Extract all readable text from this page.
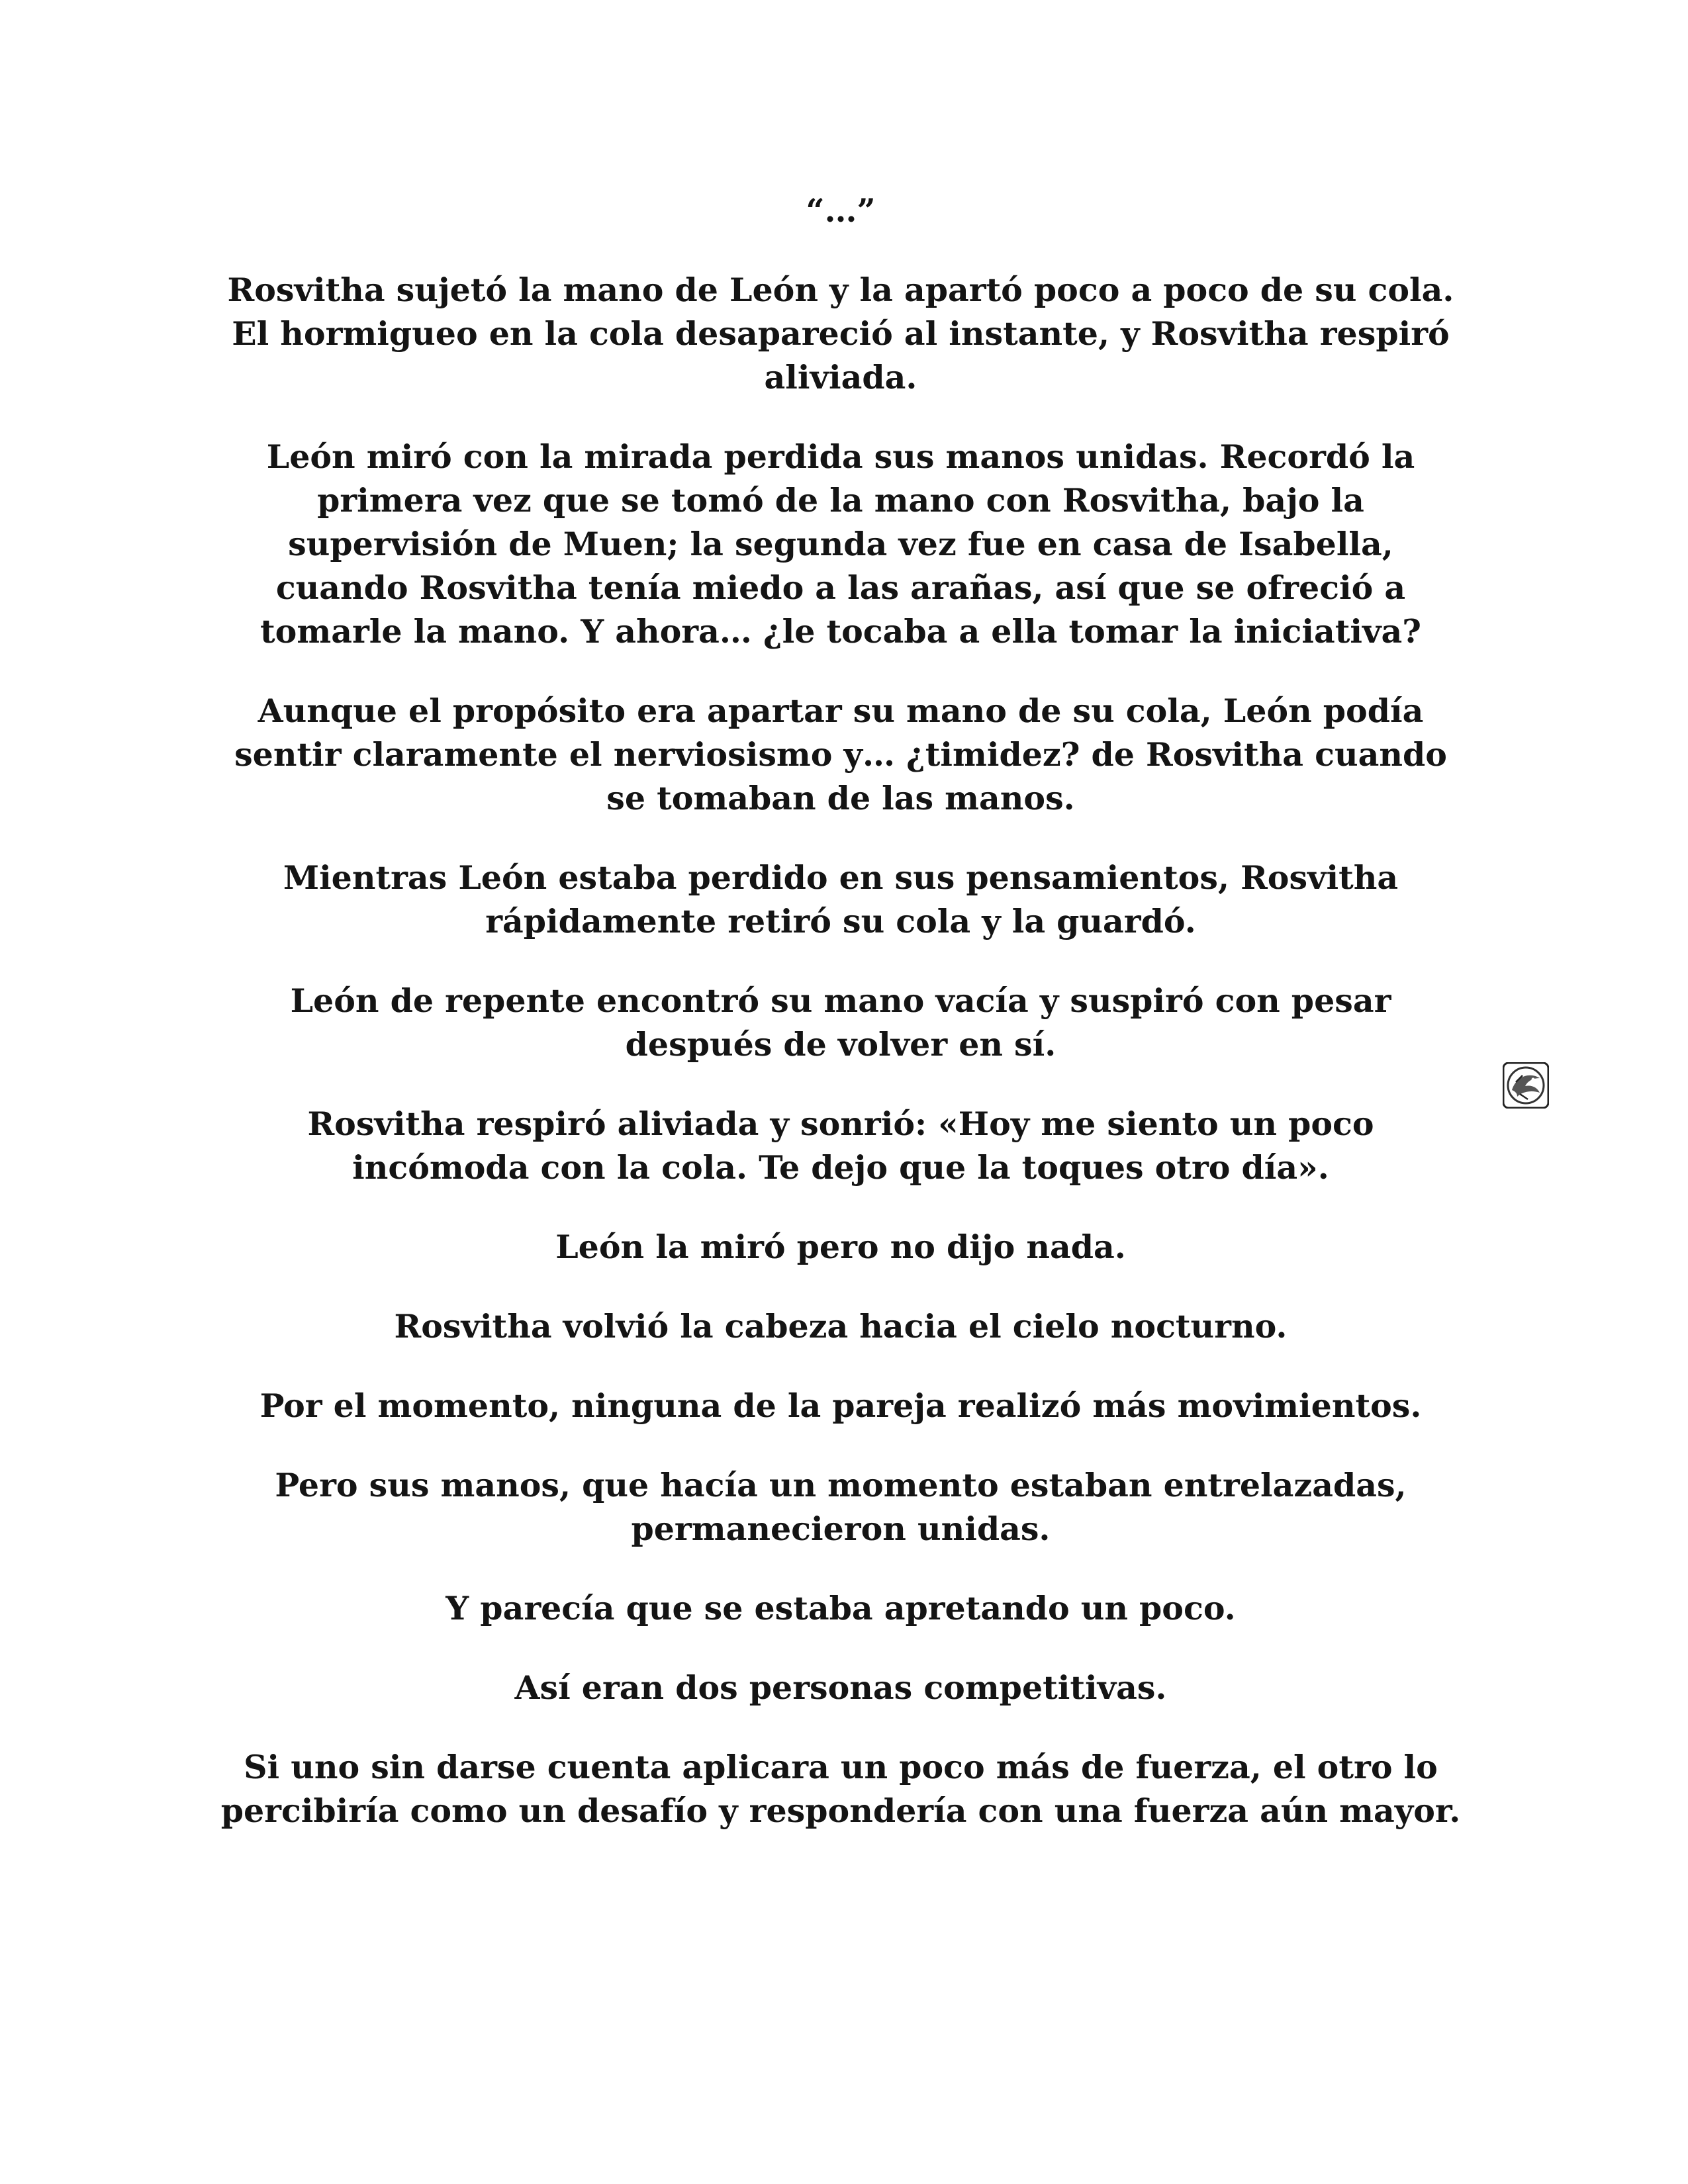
“…”

Rosvitha sujetó la mano de León y la apartó poco a poco de su cola. El hormigueo en la cola desapareció al instante, y Rosvitha respiró aliviada.

León miró con la mirada perdida sus manos unidas. Recordó la primera vez que se tomó de la mano con Rosvitha, bajo la supervisión de Muen; la segunda vez fue en casa de Isabella, cuando Rosvitha tenía miedo a las arañas, así que se ofreció a tomarle la mano. Y ahora… ¿le tocaba a ella tomar la iniciativa?

Aunque el propósito era apartar su mano de su cola, León podía sentir claramente el nerviosismo y… ¿timidez? de Rosvitha cuando se tomaban de las manos.

Mientras León estaba perdido en sus pensamientos, Rosvitha rápidamente retiró su cola y la guardó.

León de repente encontró su mano vacía y suspiró con pesar después de volver en sí.

Rosvitha respiró aliviada y sonrió: «Hoy me siento un poco incómoda con la cola. Te dejo que la toques otro día».

León la miró pero no dijo nada.

Rosvitha volvió la cabeza hacia el cielo nocturno.

Por el momento, ninguna de la pareja realizó más movimientos.

Pero sus manos, que hacía un momento estaban entrelazadas, permanecieron unidas.

Y parecía que se estaba apretando un poco.

Así eran dos personas competitivas.

Si uno sin darse cuenta aplicara un poco más de fuerza, el otro lo percibiría como un desafío y respondería con una fuerza aún mayor.
